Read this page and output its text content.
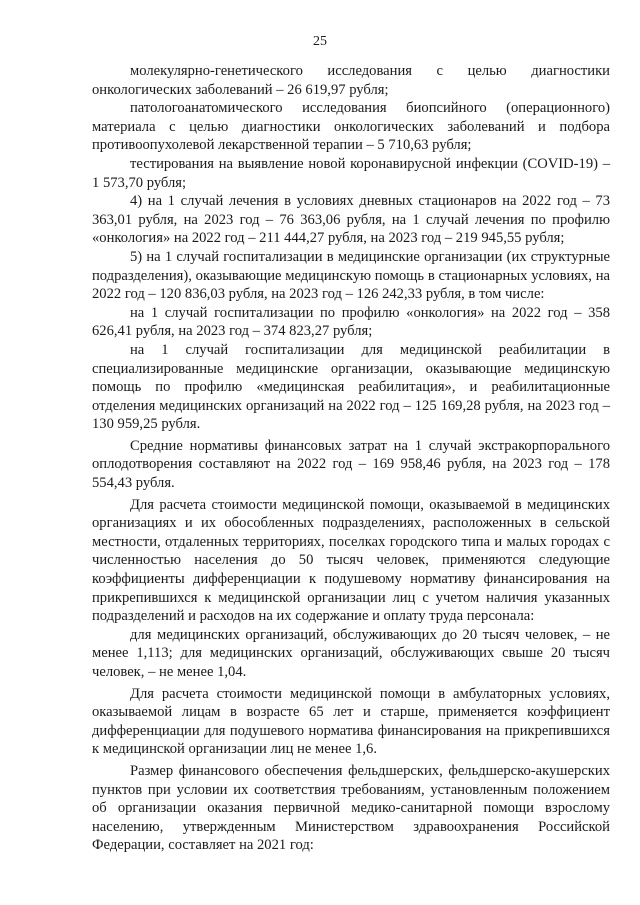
25

молекулярно-генетического исследования с целью диагностики онкологических заболеваний – 26 619,97 рубля;

патологоанатомического исследования биопсийного (операционного) материала с целью диагностики онкологических заболеваний и подбора противоопухолевой лекарственной терапии – 5 710,63 рубля;

тестирования на выявление новой коронавирусной инфекции (COVID-19) – 1 573,70 рубля;

4) на 1 случай лечения в условиях дневных стационаров на 2022 год – 73 363,01 рубля, на 2023 год – 76 363,06 рубля, на 1 случай лечения по профилю «онкология» на 2022 год – 211 444,27 рубля, на 2023 год – 219 945,55 рубля;

5) на 1 случай госпитализации в медицинские организации (их структурные подразделения), оказывающие медицинскую помощь в стационарных условиях, на 2022 год – 120 836,03 рубля, на 2023 год – 126 242,33 рубля, в том числе:

на 1 случай госпитализации по профилю «онкология» на 2022 год – 358 626,41 рубля, на 2023 год – 374 823,27 рубля;

на 1 случай госпитализации для медицинской реабилитации в специализированные медицинские организации, оказывающие медицинскую помощь по профилю «медицинская реабилитация», и реабилитационные отделения медицинских организаций на 2022 год – 125 169,28 рубля, на 2023 год – 130 959,25 рубля.

Средние нормативы финансовых затрат на 1 случай экстракорпорального оплодотворения составляют на 2022 год – 169 958,46 рубля, на 2023 год – 178 554,43 рубля.

Для расчета стоимости медицинской помощи, оказываемой в медицинских организациях и их обособленных подразделениях, расположенных в сельской местности, отдаленных территориях, поселках городского типа и малых городах с численностью населения до 50 тысяч человек, применяются следующие коэффициенты дифференциации к подушевому нормативу финансирования на прикрепившихся к медицинской организации лиц с учетом наличия указанных подразделений и расходов на их содержание и оплату труда персонала:

для медицинских организаций, обслуживающих до 20 тысяч человек, – не менее 1,113; для медицинских организаций, обслуживающих свыше 20 тысяч человек, – не менее 1,04.

Для расчета стоимости медицинской помощи в амбулаторных условиях, оказываемой лицам в возрасте 65 лет и старше, применяется коэффициент дифференциации для подушевого норматива финансирования на прикрепившихся к медицинской организации лиц не менее 1,6.

Размер финансового обеспечения фельдшерских, фельдшерско-акушерских пунктов при условии их соответствия требованиям, установленным положением об организации оказания первичной медико-санитарной помощи взрослому населению, утвержденным Министерством здравоохранения Российской Федерации, составляет на 2021 год:
